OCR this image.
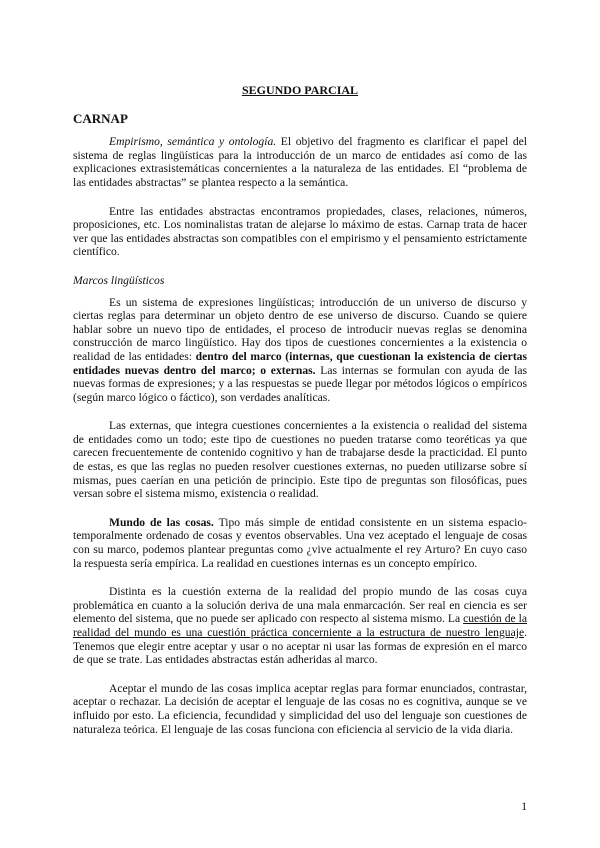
SEGUNDO PARCIAL
CARNAP

Empirismo, semántica y ontología. El objetivo del fragmento es clarificar el papel del sistema de reglas lingüísticas para la introducción de un marco de entidades así como de las explicaciones extrasistemáticas concernientes a la naturaleza de las entidades. El “problema de las entidades abstractas” se plantea respecto a la semántica.

Entre las entidades abstractas encontramos propiedades, clases, relaciones, números, proposiciones, etc. Los nominalistas tratan de alejarse lo máximo de estas. Carnap trata de hacer ver que las entidades abstractas son compatibles con el empirismo y el pensamiento estrictamente científico.

Marcos lingüísticos

Es un sistema de expresiones lingüísticas; introducción de un universo de discurso y ciertas reglas para determinar un objeto dentro de ese universo de discurso. Cuando se quiere hablar sobre un nuevo tipo de entidades, el proceso de introducir nuevas reglas se denomina construcción de marco lingüístico. Hay dos tipos de cuestiones concernientes a la existencia o realidad de las entidades: dentro del marco (internas, que cuestionan la existencia de ciertas entidades nuevas dentro del marco; o externas. Las internas se formulan con ayuda de las nuevas formas de expresiones; y a las respuestas se puede llegar por métodos lógicos o empíricos (según marco lógico o fáctico), son verdades analíticas.

Las externas, que integra cuestiones concernientes a la existencia o realidad del sistema de entidades como un todo; este tipo de cuestiones no pueden tratarse como teoréticas ya que carecen frecuentemente de contenido cognitivo y han de trabajarse desde la practicidad. El punto de estas, es que las reglas no pueden resolver cuestiones externas, no pueden utilizarse sobre sí mismas, pues caerían en una petición de principio. Este tipo de preguntas son filosóficas, pues versan sobre el sistema mismo, existencia o realidad.

Mundo de las cosas. Tipo más simple de entidad consistente en un sistema espacio-temporalmente ordenado de cosas y eventos observables. Una vez aceptado el lenguaje de cosas con su marco, podemos plantear preguntas como ¿vive actualmente el rey Arturo? En cuyo caso la respuesta sería empírica. La realidad en cuestiones internas es un concepto empírico.

Distinta es la cuestión externa de la realidad del propio mundo de las cosas cuya problemática en cuanto a la solución deriva de una mala enmarcación. Ser real en ciencia es ser elemento del sistema, que no puede ser aplicado con respecto al sistema mismo. La cuestión de la realidad del mundo es una cuestión práctica concerniente a la estructura de nuestro lenguaje. Tenemos que elegir entre aceptar y usar o no aceptar ni usar las formas de expresión en el marco de que se trate. Las entidades abstractas están adheridas al marco.

Aceptar el mundo de las cosas implica aceptar reglas para formar enunciados, contrastar, aceptar o rechazar. La decisión de aceptar el lenguaje de las cosas no es cognitiva, aunque se ve influido por esto. La eficiencia, fecundidad y simplicidad del uso del lenguaje son cuestiones de naturaleza teórica. El lenguaje de las cosas funciona con eficiencia al servicio de la vida diaria.

1
